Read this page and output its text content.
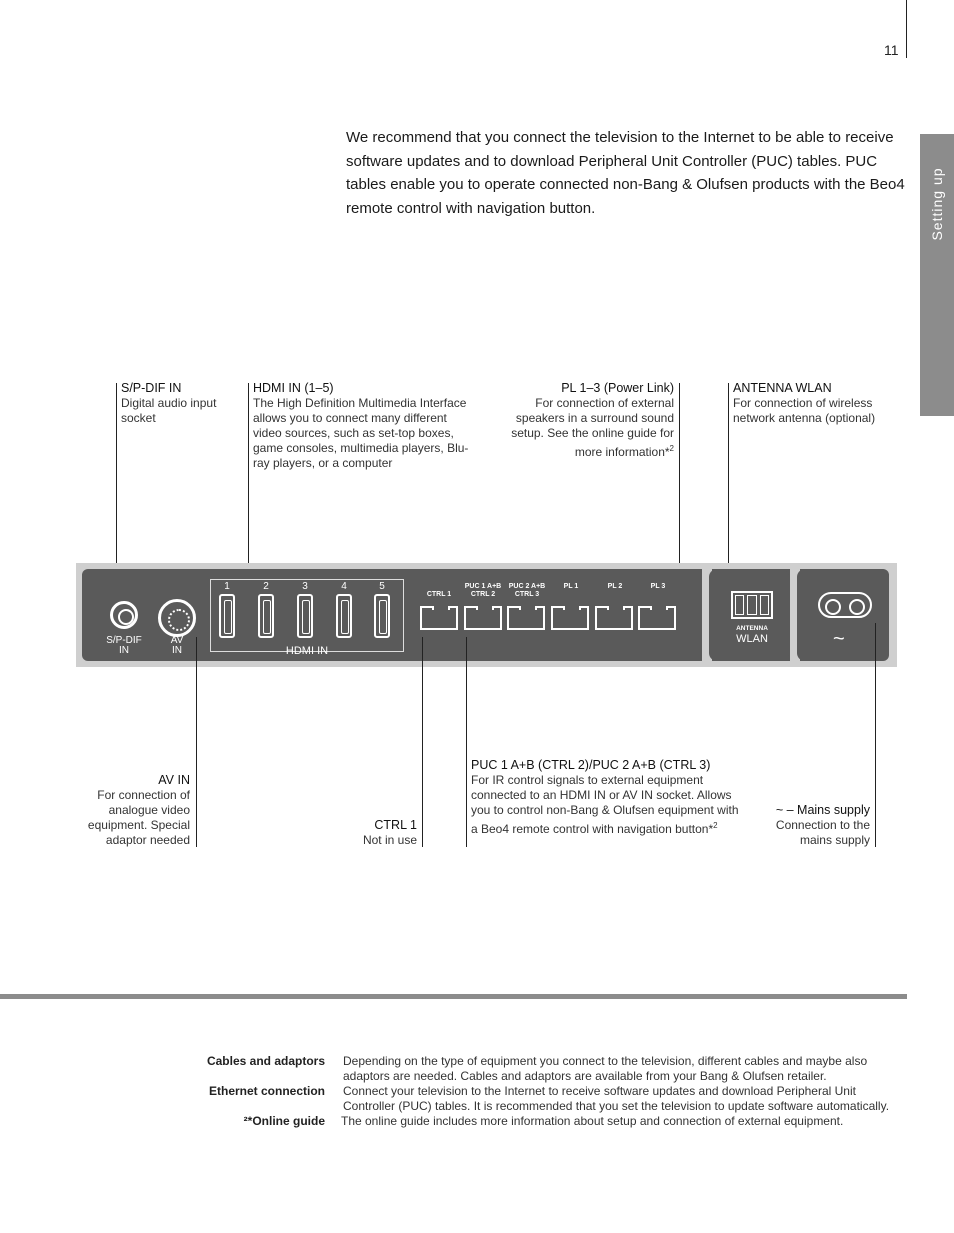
11
Setting up
We recommend that you connect the television to the Internet to be able to receive software updates and to download Peripheral Unit Controller (PUC) tables. PUC tables enable you to operate connected non-Bang & Olufsen products with the Beo4 remote control with navigation button.
S/P-DIF IN
Digital audio input socket
HDMI IN (1–5)
The High Definition Multimedia Interface allows you to connect many different video sources, such as set-top boxes, game consoles, multimedia players, Blu-ray players, or a computer
PL 1–3 (Power Link)
For connection of external speakers in a surround sound setup. See the online guide for more information*$^2$
ANTENNA WLAN
For connection of wireless network antenna (optional)
S/P-DIF
IN
AV
IN
1	2	3	4	5
HDMI IN
CTRL 1
PUC 1 A+B
CTRL 2
PUC 2 A+B
CTRL 3
PL 1	PL 2	PL 3
ANTENNA
WLAN	~
AV IN
For connection of analogue video equipment. Special adaptor needed
CTRL 1
Not in use
PUC 1 A+B (CTRL 2)/PUC 2 A+B (CTRL 3)
For IR control signals to external equipment connected to an HDMI IN or AV IN socket. Allows you to control non-Bang & Olufsen equipment with a Beo4 remote control with navigation button*$^2$
~ – Mains supply
Connection to the mains supply
Cables and adaptors Depending on the type of equipment you connect to the television, different cables and maybe also adaptors are needed. Cables and adaptors are available from your Bang & Olufsen retailer.
Ethernet connection Connect your television to the Internet to receive software updates and download Peripheral Unit Controller (PUC) tables. It is recommended that you set the television to update software automatically.
²*Online guide The online guide includes more information about setup and connection of external equipment.
